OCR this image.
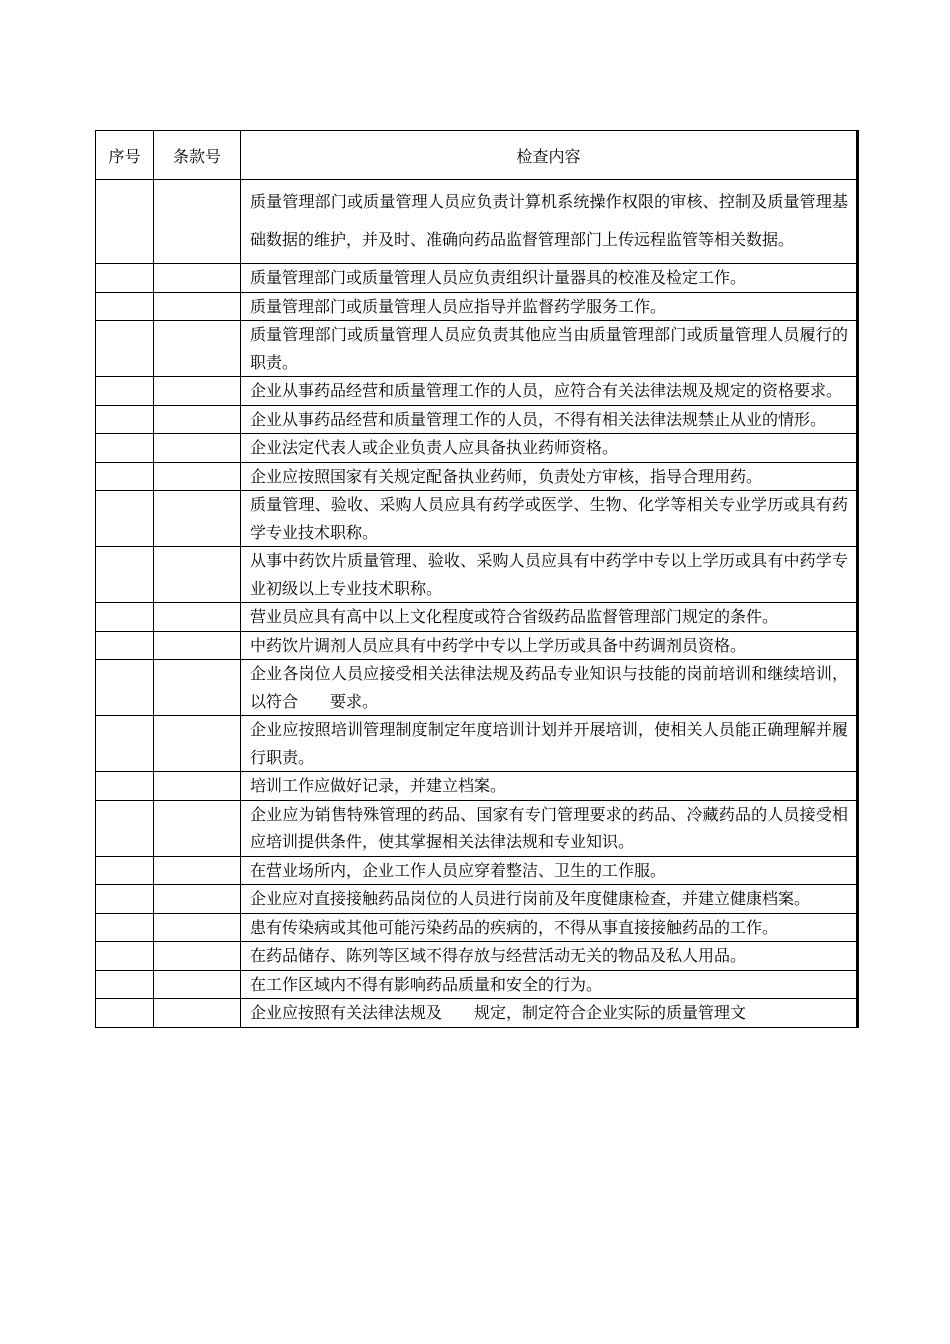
序号	条款号	检查内容
		质量管理部门或质量管理人员应负责计算机系统操作权限的审核、控制及质量管理基础数据的维护，并及时、准确向药品监督管理部门上传远程监管等相关数据。
		质量管理部门或质量管理人员应负责组织计量器具的校准及检定工作。
		质量管理部门或质量管理人员应指导并监督药学服务工作。
		质量管理部门或质量管理人员应负责其他应当由质量管理部门或质量管理人员履行的职责。
		企业从事药品经营和质量管理工作的人员，应符合有关法律法规及规定的资格要求。
		企业从事药品经营和质量管理工作的人员，不得有相关法律法规禁止从业的情形。
		企业法定代表人或企业负责人应具备执业药师资格。
		企业应按照国家有关规定配备执业药师，负责处方审核，指导合理用药。
		质量管理、验收、采购人员应具有药学或医学、生物、化学等相关专业学历或具有药学专业技术职称。
		从事中药饮片质量管理、验收、采购人员应具有中药学中专以上学历或具有中药学专业初级以上专业技术职称。
		营业员应具有高中以上文化程度或符合省级药品监督管理部门规定的条件。
		中药饮片调剂人员应具有中药学中专以上学历或具备中药调剂员资格。
		企业各岗位人员应接受相关法律法规及药品专业知识与技能的岗前培训和继续培训，以符合　　要求。
		企业应按照培训管理制度制定年度培训计划并开展培训，使相关人员能正确理解并履行职责。
		培训工作应做好记录，并建立档案。
		企业应为销售特殊管理的药品、国家有专门管理要求的药品、冷藏药品的人员接受相应培训提供条件，使其掌握相关法律法规和专业知识。
		在营业场所内，企业工作人员应穿着整洁、卫生的工作服。
		企业应对直接接触药品岗位的人员进行岗前及年度健康检查，并建立健康档案。
		患有传染病或其他可能污染药品的疾病的，不得从事直接接触药品的工作。
		在药品储存、陈列等区域不得存放与经营活动无关的物品及私人用品。
		在工作区域内不得有影响药品质量和安全的行为。
		企业应按照有关法律法规及　　规定，制定符合企业实际的质量管理文
